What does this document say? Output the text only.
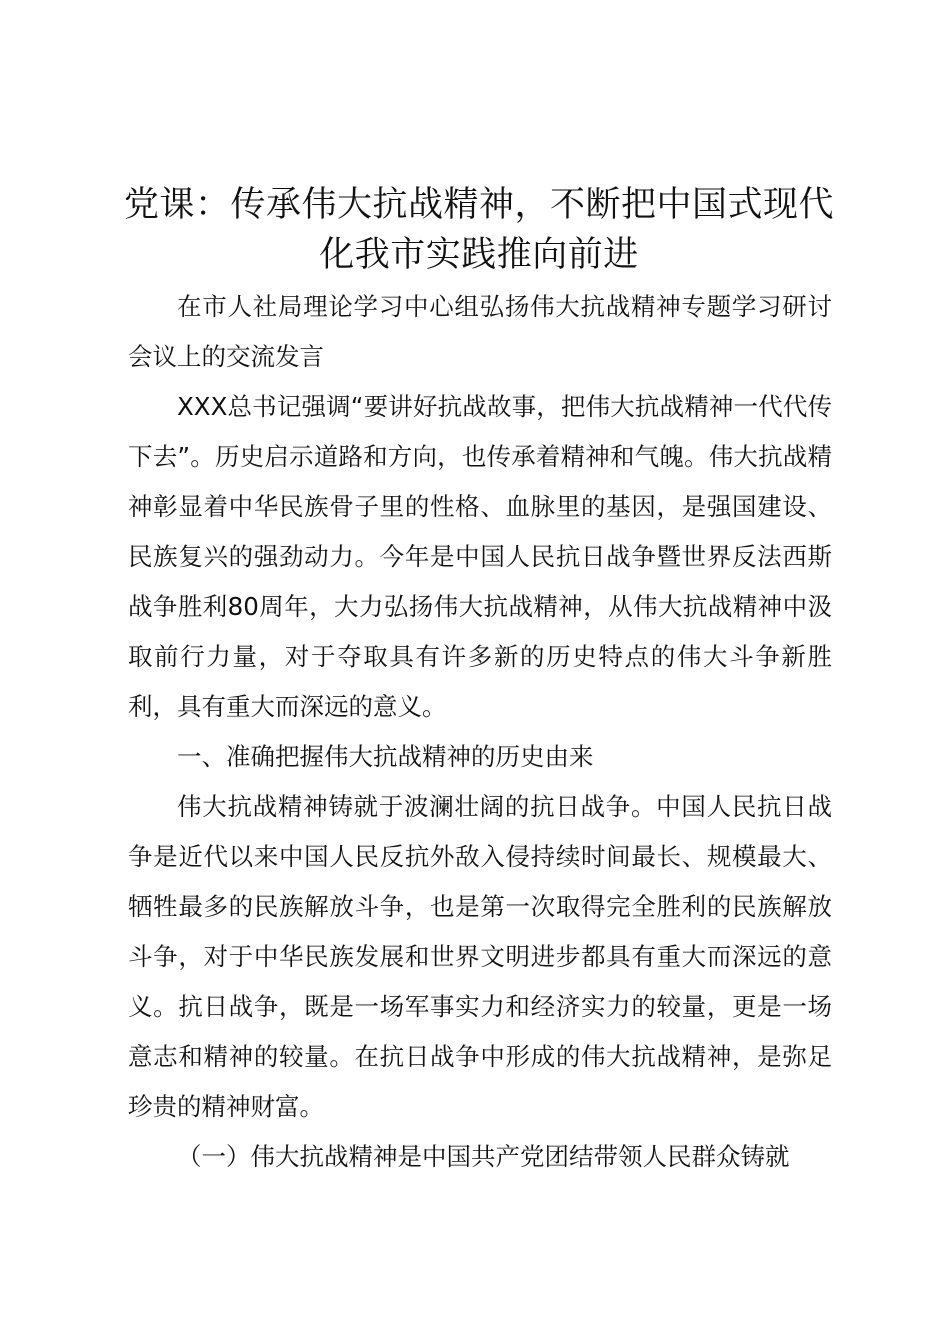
党课：传承伟大抗战精神，不断把中国式现代化我市实践推向前进

在市人社局理论学习中心组弘扬伟大抗战精神专题学习研讨会议上的交流发言

XXX总书记强调“要讲好抗战故事，把伟大抗战精神一代代传下去”。历史启示道路和方向，也传承着精神和气魄。伟大抗战精神彰显着中华民族骨子里的性格、血脉里的基因，是强国建设、民族复兴的强劲动力。今年是中国人民抗日战争暨世界反法西斯战争胜利80周年，大力弘扬伟大抗战精神，从伟大抗战精神中汲取前行力量，对于夺取具有许多新的历史特点的伟大斗争新胜利，具有重大而深远的意义。

一、准确把握伟大抗战精神的历史由来

伟大抗战精神铸就于波澜壮阔的抗日战争。中国人民抗日战争是近代以来中国人民反抗外敌入侵持续时间最长、规模最大、牺牲最多的民族解放斗争，也是第一次取得完全胜利的民族解放斗争，对于中华民族发展和世界文明进步都具有重大而深远的意义。抗日战争，既是一场军事实力和经济实力的较量，更是一场意志和精神的较量。在抗日战争中形成的伟大抗战精神，是弥足珍贵的精神财富。

（一）伟大抗战精神是中国共产党团结带领人民群众铸就
